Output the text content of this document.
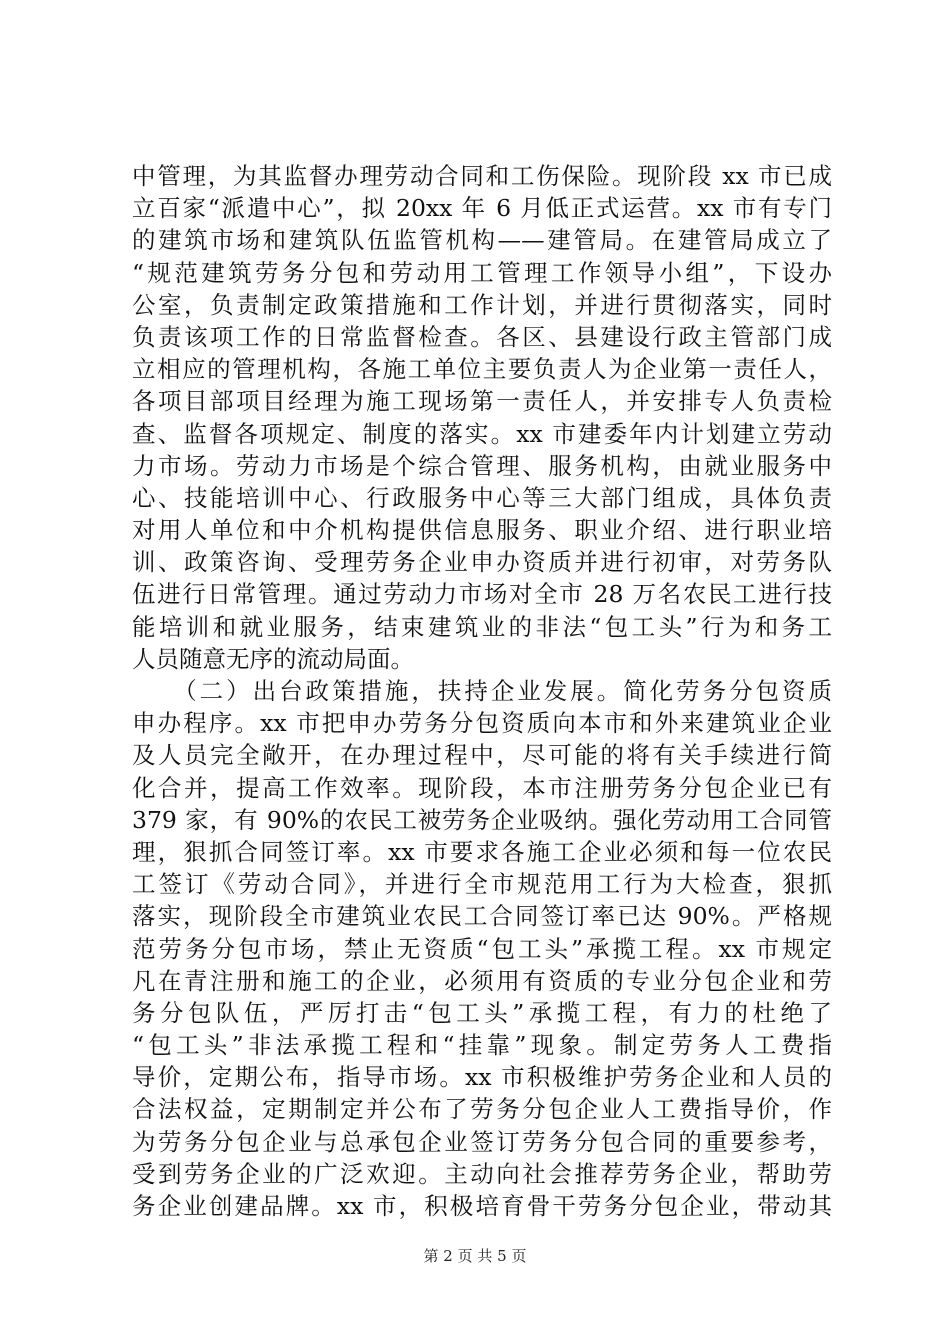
中管理，为其监督办理劳动合同和工伤保险。现阶段 xx 市已成
立百家“派遣中心”，拟 20xx 年 6 月低正式运营。xx 市有专门
的建筑市场和建筑队伍监管机构——建管局。在建管局成立了
“规范建筑劳务分包和劳动用工管理工作领导小组”，下设办
公室，负责制定政策措施和工作计划，并进行贯彻落实，同时
负责该项工作的日常监督检查。各区、县建设行政主管部门成
立相应的管理机构，各施工单位主要负责人为企业第一责任人，
各项目部项目经理为施工现场第一责任人，并安排专人负责检
查、监督各项规定、制度的落实。xx 市建委年内计划建立劳动
力市场。劳动力市场是个综合管理、服务机构，由就业服务中
心、技能培训中心、行政服务中心等三大部门组成，具体负责
对用人单位和中介机构提供信息服务、职业介绍、进行职业培
训、政策咨询、受理劳务企业申办资质并进行初审，对劳务队
伍进行日常管理。通过劳动力市场对全市 28 万名农民工进行技
能培训和就业服务，结束建筑业的非法“包工头”行为和务工
人员随意无序的流动局面。
　　（二）出台政策措施，扶持企业发展。简化劳务分包资质
申办程序。xx 市把申办劳务分包资质向本市和外来建筑业企业
及人员完全敞开，在办理过程中，尽可能的将有关手续进行简
化合并，提高工作效率。现阶段，本市注册劳务分包企业已有
379 家，有 90%的农民工被劳务企业吸纳。强化劳动用工合同管
理，狠抓合同签订率。xx 市要求各施工企业必须和每一位农民
工签订《劳动合同》，并进行全市规范用工行为大检查，狠抓
落实，现阶段全市建筑业农民工合同签订率已达 90%。严格规
范劳务分包市场，禁止无资质“包工头”承揽工程。xx 市规定
凡在青注册和施工的企业，必须用有资质的专业分包企业和劳
务分包队伍，严厉打击“包工头”承揽工程，有力的杜绝了
“包工头”非法承揽工程和“挂靠”现象。制定劳务人工费指
导价，定期公布，指导市场。xx 市积极维护劳务企业和人员的
合法权益，定期制定并公布了劳务分包企业人工费指导价，作
为劳务分包企业与总承包企业签订劳务分包合同的重要参考，
受到劳务企业的广泛欢迎。主动向社会推荐劳务企业，帮助劳
务企业创建品牌。xx 市，积极培育骨干劳务分包企业，带动其
第 2 页 共 5 页
